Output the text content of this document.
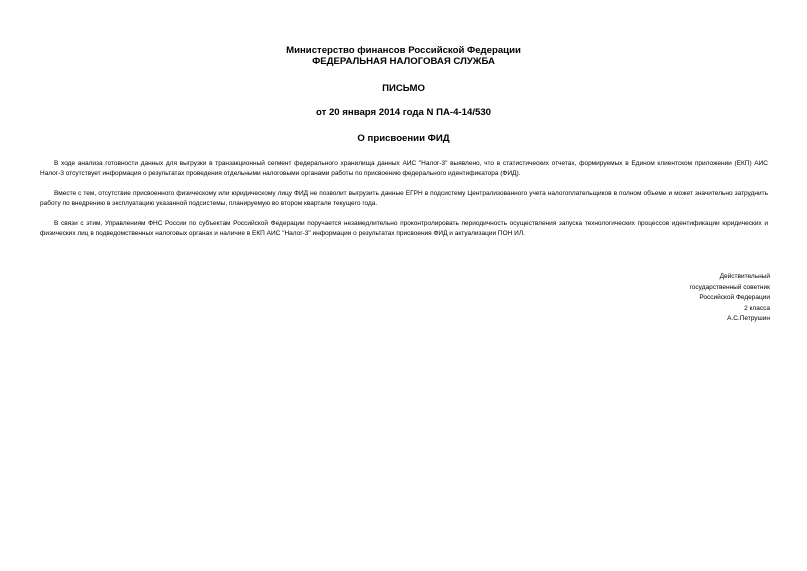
Министерство финансов Российской Федерации
ФЕДЕРАЛЬНАЯ НАЛОГОВАЯ СЛУЖБА
ПИСЬМО
от 20 января 2014 года N ПА-4-14/530
О присвоении ФИД

В ходе анализа готовности данных для выгрузки в транзакционный сегмент федерального хранилища данных АИС "Налог-3" выявлено, что в статистических отчетах, формируемых в Едином клиентском приложении (ЕКП) АИС Налог-3 отсутствует информация о результатах проведения отдельными налоговыми органами работы по присвоению федерального идентификатора (ФИД).

Вместе с тем, отсутствие присвоенного физическому или юридическому лицу ФИД не позволит выгрузить данные ЕГРН в подсистему Централизованного учета налогоплательщиков в полном объеме и может значительно затруднить работу по внедрению в эксплуатацию указанной подсистемы, планируемую во втором квартале текущего года.

В связи с этим, Управлениям ФНС России по субъектам Российской Федерации поручается незамедлительно проконтролировать периодичность осуществления запуска технологических процессов идентификации юридических и физических лиц в подведомственных налоговых органах и наличие в ЕКП АИС "Налог-3" информации о результатах присвоения ФИД и актуализации ПОН ИЛ.

Действительный
государственный советник
Российской Федерации
2 класса
А.С.Петрушин
